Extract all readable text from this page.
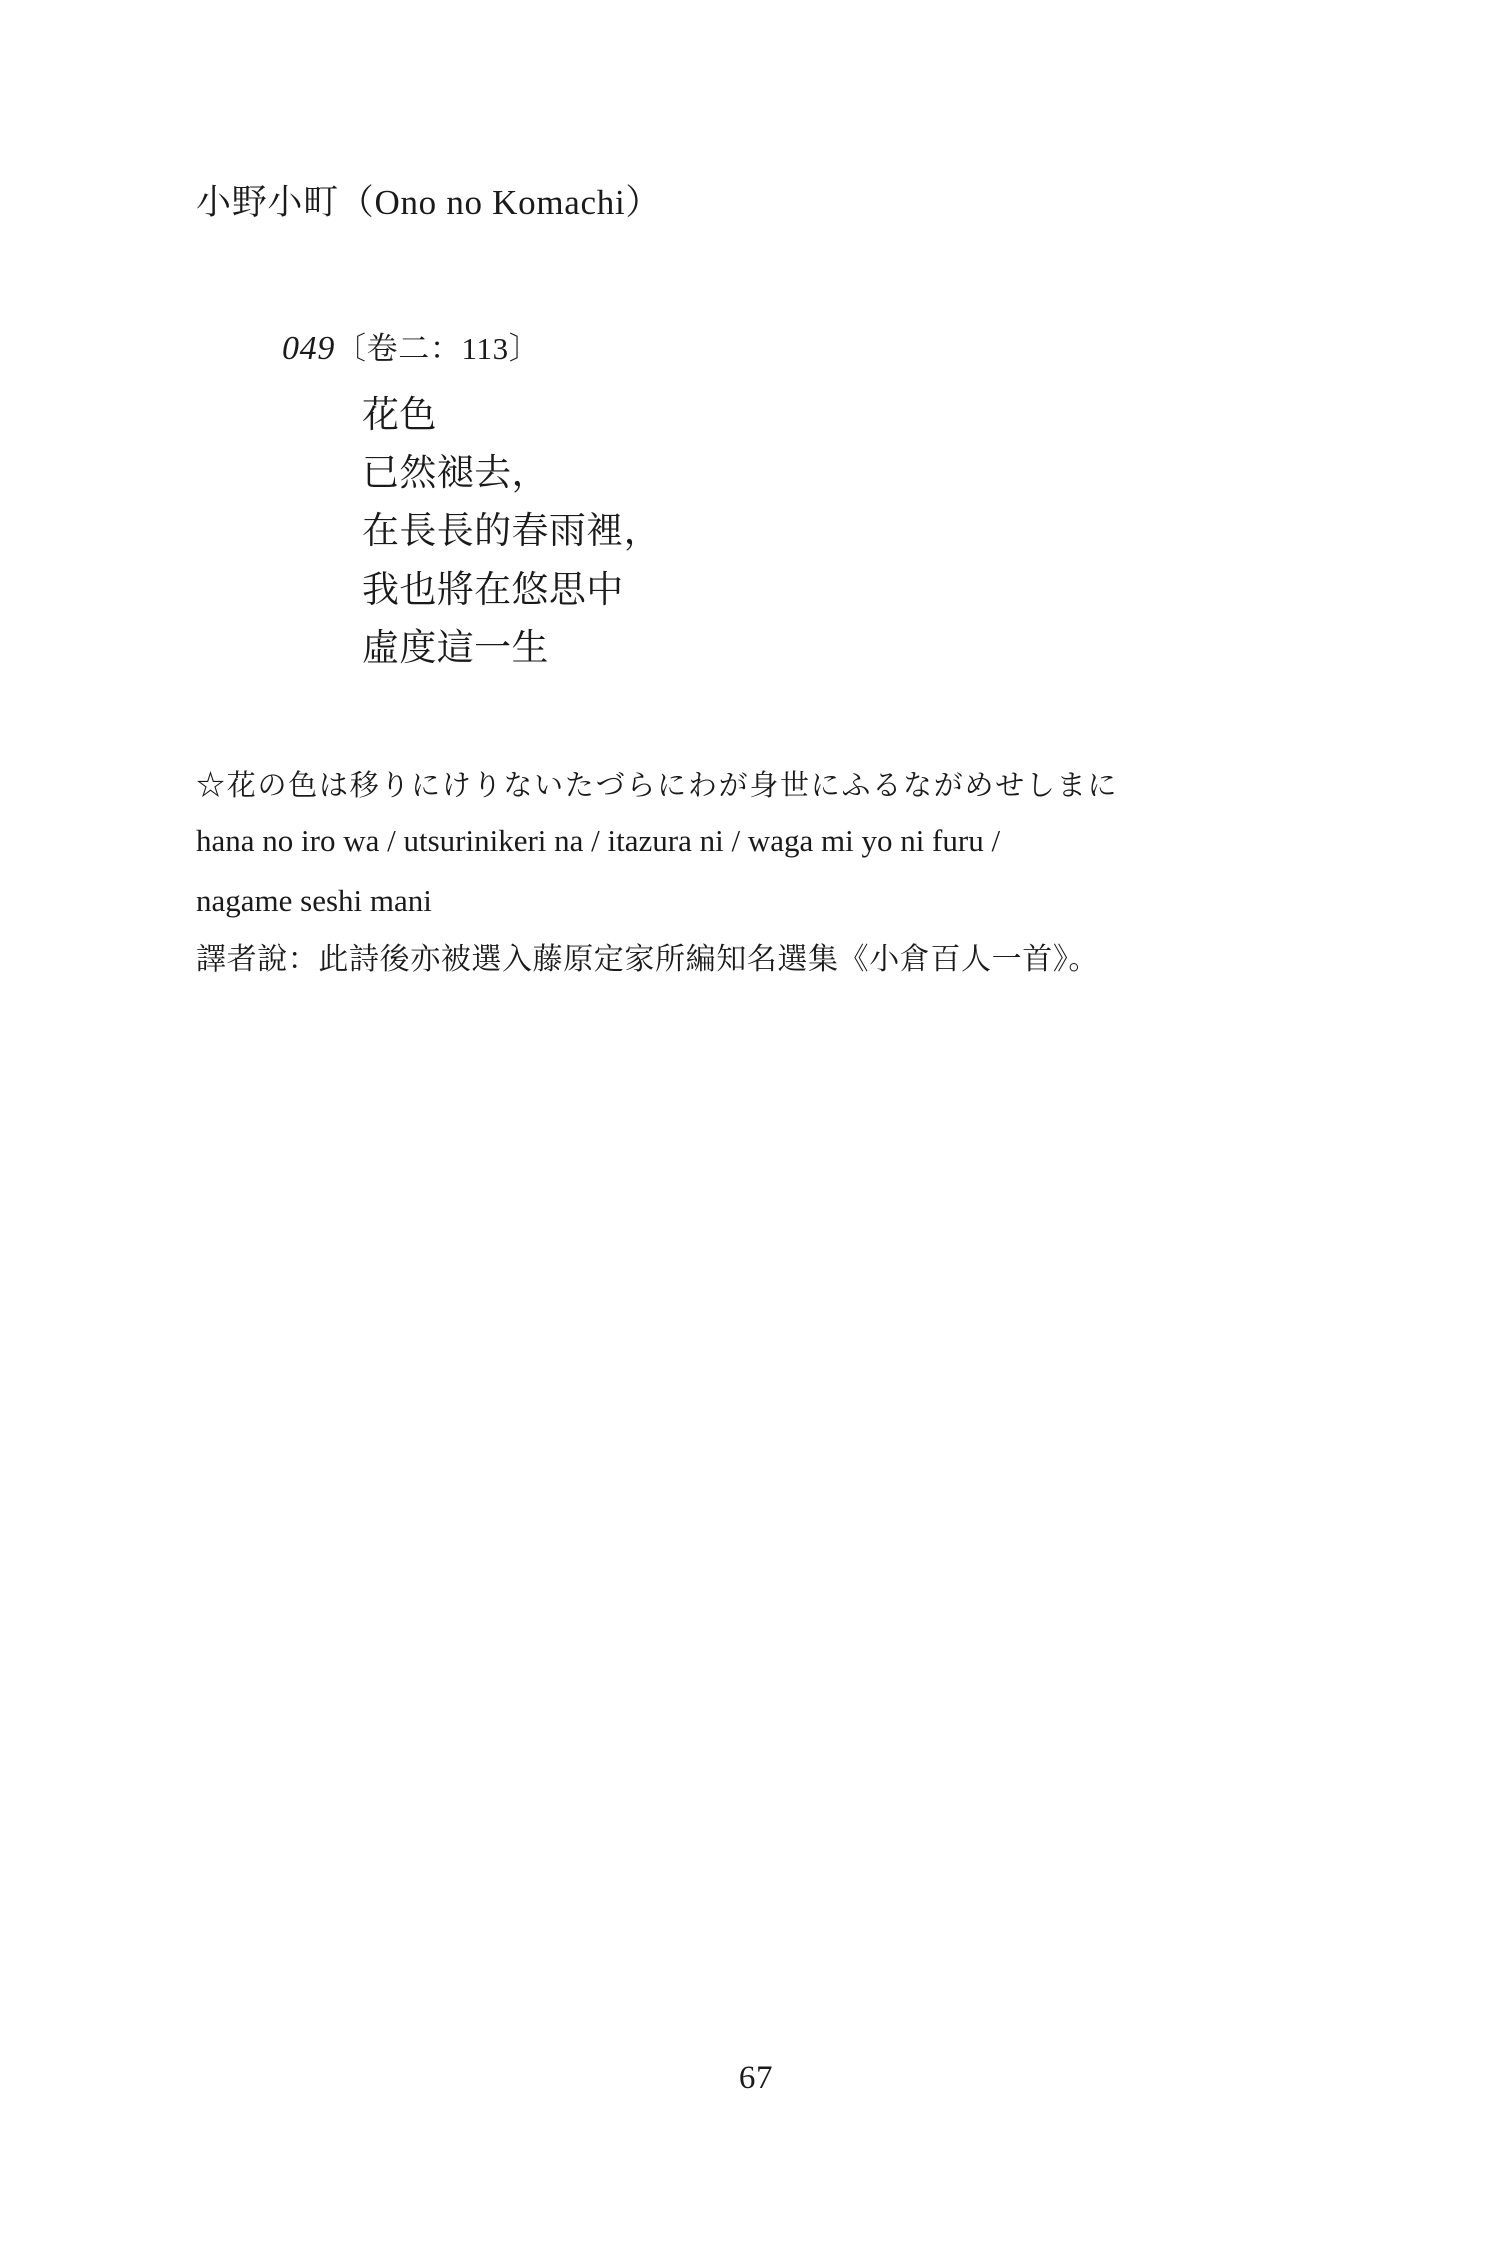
小野小町（Ono no Komachi）
049〔卷二：113〕
花色
已然褪去，
在長長的春雨裡，
我也將在悠思中
虛度這一生

☆花の色は移りにけりないたづらにわが身世にふるながめせしまに

hana no iro wa / utsurinikeri na / itazura ni / waga mi yo ni furu /

nagame seshi mani

譯者說：此詩後亦被選入藤原定家所編知名選集《小倉百人一首》。

67
